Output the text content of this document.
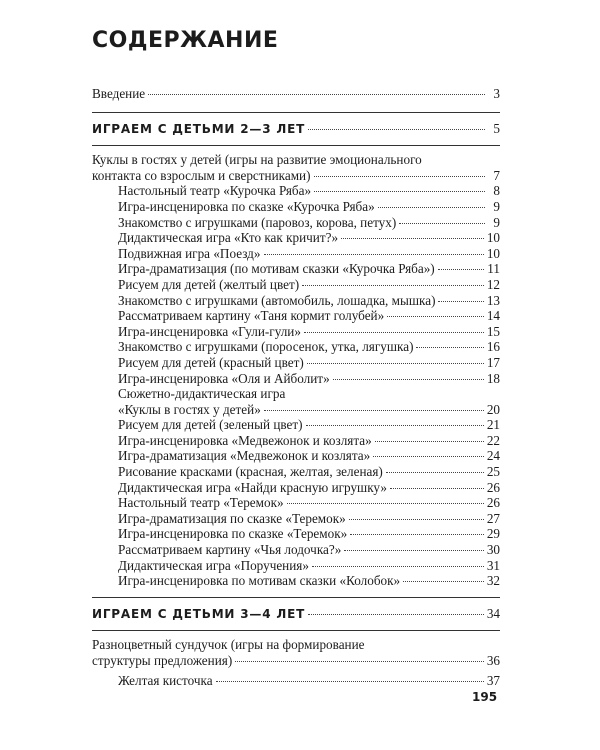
СОДЕРЖАНИЕ
Введение	3
ИГРАЕМ С ДЕТЬМИ 2—3 ЛЕТ	5
Куклы в гостях у детей (игры на развитие эмоционального
контакта со взрослым и сверстниками)	7
Настольный театр «Курочка Ряба»	8
Игра-инсценировка по сказке «Курочка Ряба»	9
Знакомство с игрушками (паровоз, корова, петух)	9
Дидактическая игра «Кто как кричит?»	10
Подвижная игра «Поезд»	10
Игра-драматизация (по мотивам сказки «Курочка Ряба»)	11
Рисуем для детей (желтый цвет)	12
Знакомство с игрушками (автомобиль, лошадка, мышка)	13
Рассматриваем картину «Таня кормит голубей»	14
Игра-инсценировка «Гули-гули»	15
Знакомство с игрушками (поросенок, утка, лягушка)	16
Рисуем для детей (красный цвет)	17
Игра-инсценировка «Оля и Айболит»	18
Сюжетно-дидактическая игра
«Куклы в гостях у детей»	20
Рисуем для детей (зеленый цвет)	21
Игра-инсценировка «Медвежонок и козлята»	22
Игра-драматизация «Медвежонок и козлята»	24
Рисование красками (красная, желтая, зеленая)	25
Дидактическая игра «Найди красную игрушку»	26
Настольный театр «Теремок»	26
Игра-драматизация по сказке «Теремок»	27
Игра-инсценировка по сказке «Теремок»	29
Рассматриваем картину «Чья лодочка?»	30
Дидактическая игра «Поручения»	31
Игра-инсценировка по мотивам сказки «Колобок»	32
ИГРАЕМ С ДЕТЬМИ 3—4 ЛЕТ	34
Разноцветный сундучок (игры на формирование
структуры предложения)	36
Желтая кисточка	37
195
